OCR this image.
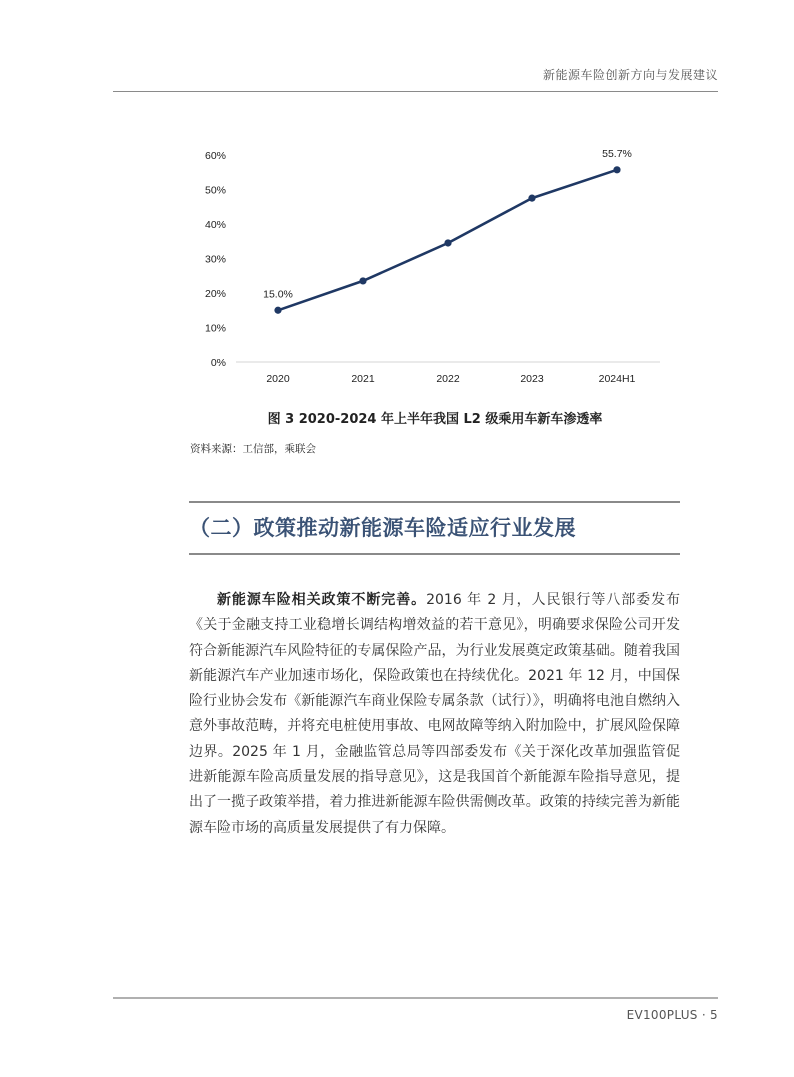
新能源车险创新方向与发展建议
0%
10%
20%
30%
40%
50%
60%
2020	2021	2022	2023	2024H1
15.0%
55.7%
图 3 2020-2024 年上半年我国 L2 级乘用车新车渗透率
资料来源：工信部，乘联会
（二）政策推动新能源车险适应行业发展

新能源车险相关政策不断完善。2016 年 2 月，人民银行等八部委发布《关于金融支持工业稳增长调结构增效益的若干意见》，明确要求保险公司开发符合新能源汽车风险特征的专属保险产品，为行业发展奠定政策基础。随着我国新能源汽车产业加速市场化，保险政策也在持续优化。2021 年 12 月，中国保险行业协会发布《新能源汽车商业保险专属条款（试行）》，明确将电池自燃纳入意外事故范畴，并将充电桩使用事故、电网故障等纳入附加险中，扩展风险保障边界。2025 年 1 月，金融监管总局等四部委发布《关于深化改革加强监管促进新能源车险高质量发展的指导意见》，这是我国首个新能源车险指导意见，提出了一揽子政策举措，着力推进新能源车险供需侧改革。政策的持续完善为新能源车险市场的高质量发展提供了有力保障。

EV100PLUS · 5
